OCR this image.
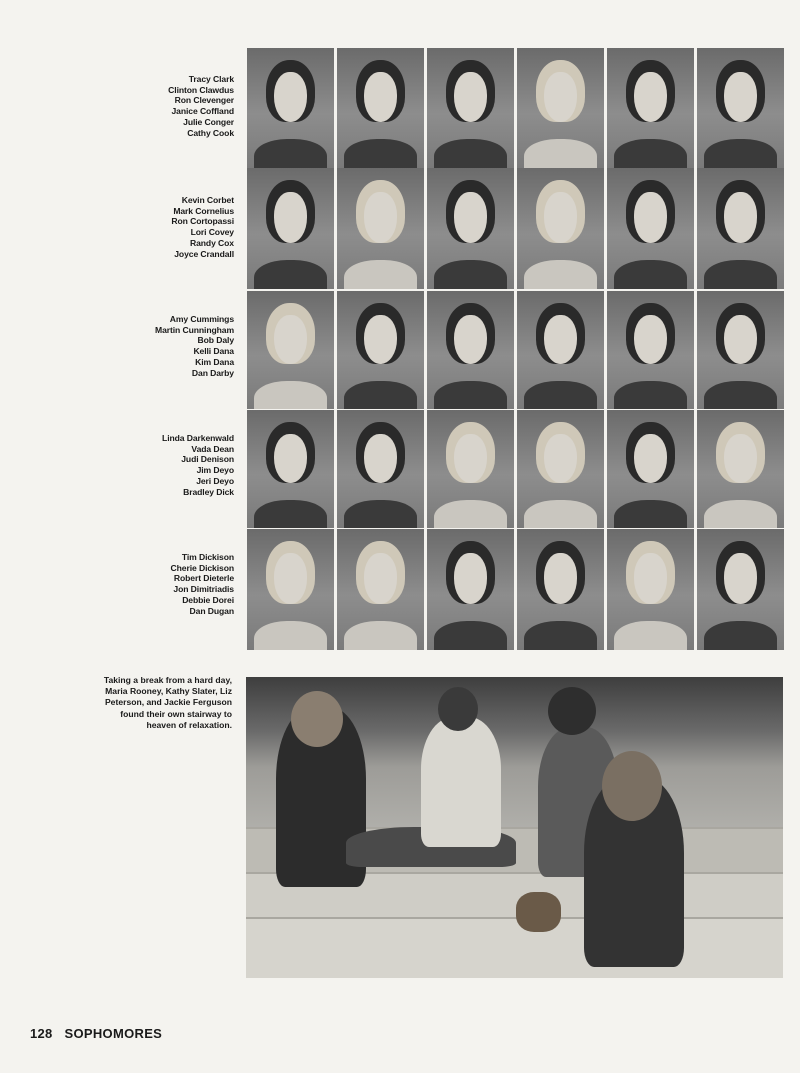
Tracy Clark
Clinton Clawdus
Ron Clevenger
Janice Coffland
Julie Conger
Cathy Cook
Kevin Corbet
Mark Cornelius
Ron Cortopassi
Lori Covey
Randy Cox
Joyce Crandall
Amy Cummings
Martin Cunningham
Bob Daly
Kelli Dana
Kim Dana
Dan Darby
Linda Darkenwald
Vada Dean
Judi Denison
Jim Deyo
Jeri Deyo
Bradley Dick
Tim Dickison
Cherie Dickison
Robert Dieterle
Jon Dimitriadis
Debbie Dorei
Dan Dugan
Taking a break from a hard day,
Maria Rooney, Kathy Slater, Liz
Peterson, and Jackie Ferguson
found their own stairway to
heaven of relaxation.
128 SOPHOMORES
